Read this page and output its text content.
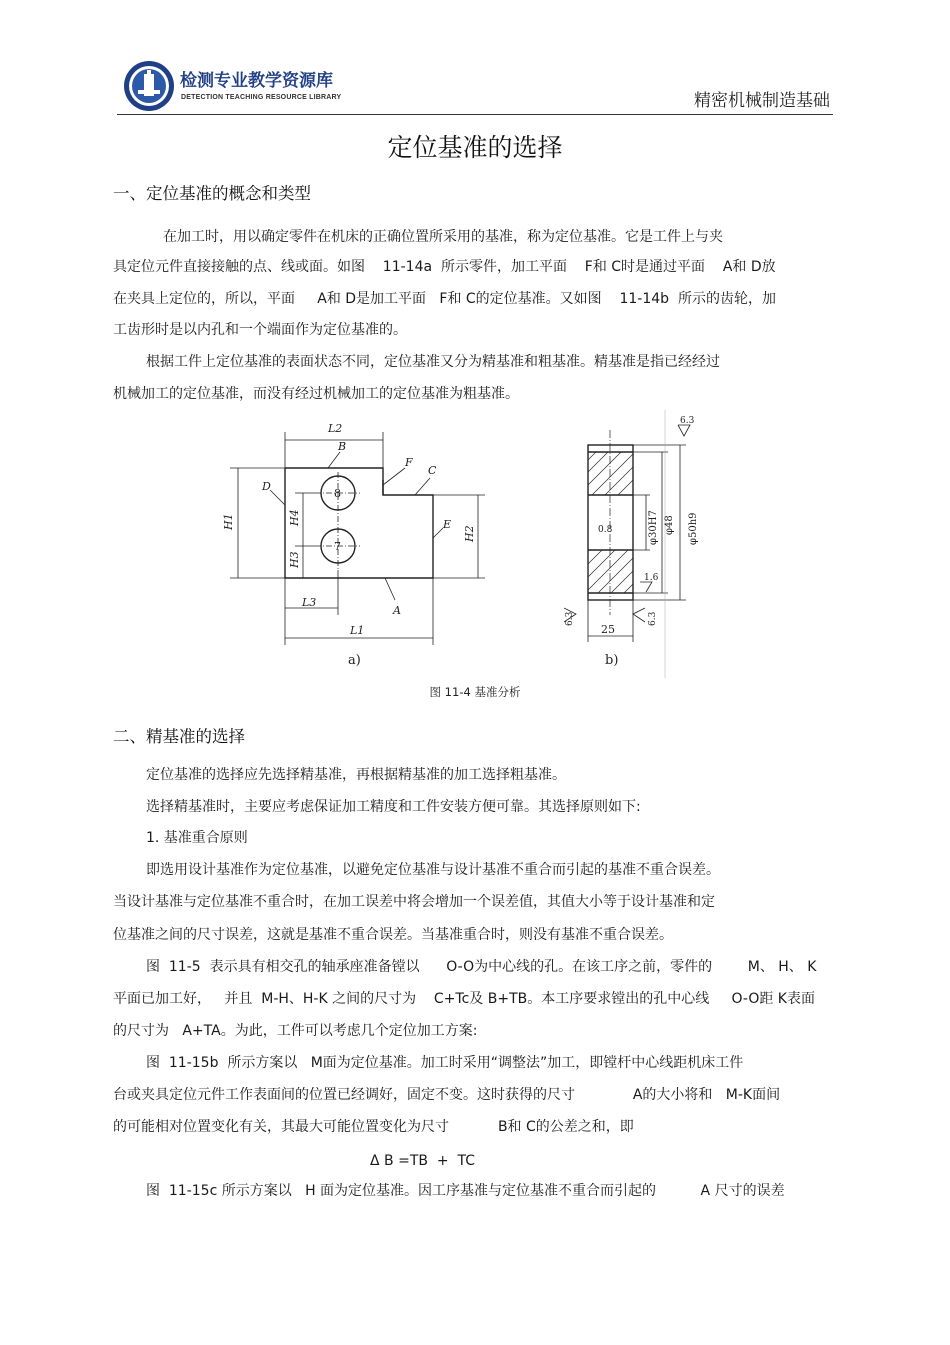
检测专业教学资源库
DETECTION TEACHING RESOURCE LIBRARY	精密机械制造基础
定位基准的选择
一、定位基准的概念和类型
在加工时，用以确定零件在机床的正确位置所采用的基准，称为定位基准。它是工件上与夹
具定位元件直接接触的点、线或面。如图    11-14a  所示零件，加工平面    F和 C时是通过平面    A和 D放
在夹具上定位的，所以，平面     A和 D是加工平面   F和 C的定位基准。又如图    11-14b  所示的齿轮，加
工齿形时是以内孔和一个端面作为定位基准的。
根据工件上定位基准的表面状态不同，定位基准又分为精基准和粗基准。精基准是指已经经过
机械加工的定位基准，而没有经过机械加工的定位基准为粗基准。
L2
B
F
C
D
E
H1	H4
H3
H2
8
7
L3
A
L1
a)
6.3
0.8	φ30H7 φ48 φ50h9
1.6
6.3	6.3
25
b)
图 11-4 基准分析
二、精基准的选择
定位基准的选择应先选择精基准，再根据精基准的加工选择粗基准。
选择精基准时，主要应考虑保证加工精度和工件安装方便可靠。其选择原则如下:
1. 基准重合原则
即选用设计基准作为定位基准，以避免定位基准与设计基准不重合而引起的基准不重合误差。
当设计基准与定位基准不重合时，在加工误差中将会增加一个误差值，其值大小等于设计基准和定
位基准之间的尺寸误差，这就是基准不重合误差。当基准重合时，则没有基准不重合误差。
图  11-5  表示具有相交孔的轴承座准备镗以      O-O为中心线的孔。在该工序之前，零件的        M、 H、 K
平面已加工好，   并且  M-H、H-K 之间的尺寸为    C+Tc及 B+TB。本工序要求镗出的孔中心线     O-O距 K表面
的尺寸为   A+TA。为此，工件可以考虑几个定位加工方案:
图  11-15b  所示方案以   M面为定位基准。加工时采用“调整法”加工，即镗杆中心线距机床工件
台或夹具定位元件工作表面间的位置已经调好，固定不变。这时获得的尺寸             A的大小将和   M-K面间
的可能相对位置变化有关，其最大可能位置变化为尺寸           B和 C的公差之和，即
Δ B =TB  +  TC
图  11-15c 所示方案以   H 面为定位基准。因工序基准与定位基准不重合而引起的          A 尺寸的误差
